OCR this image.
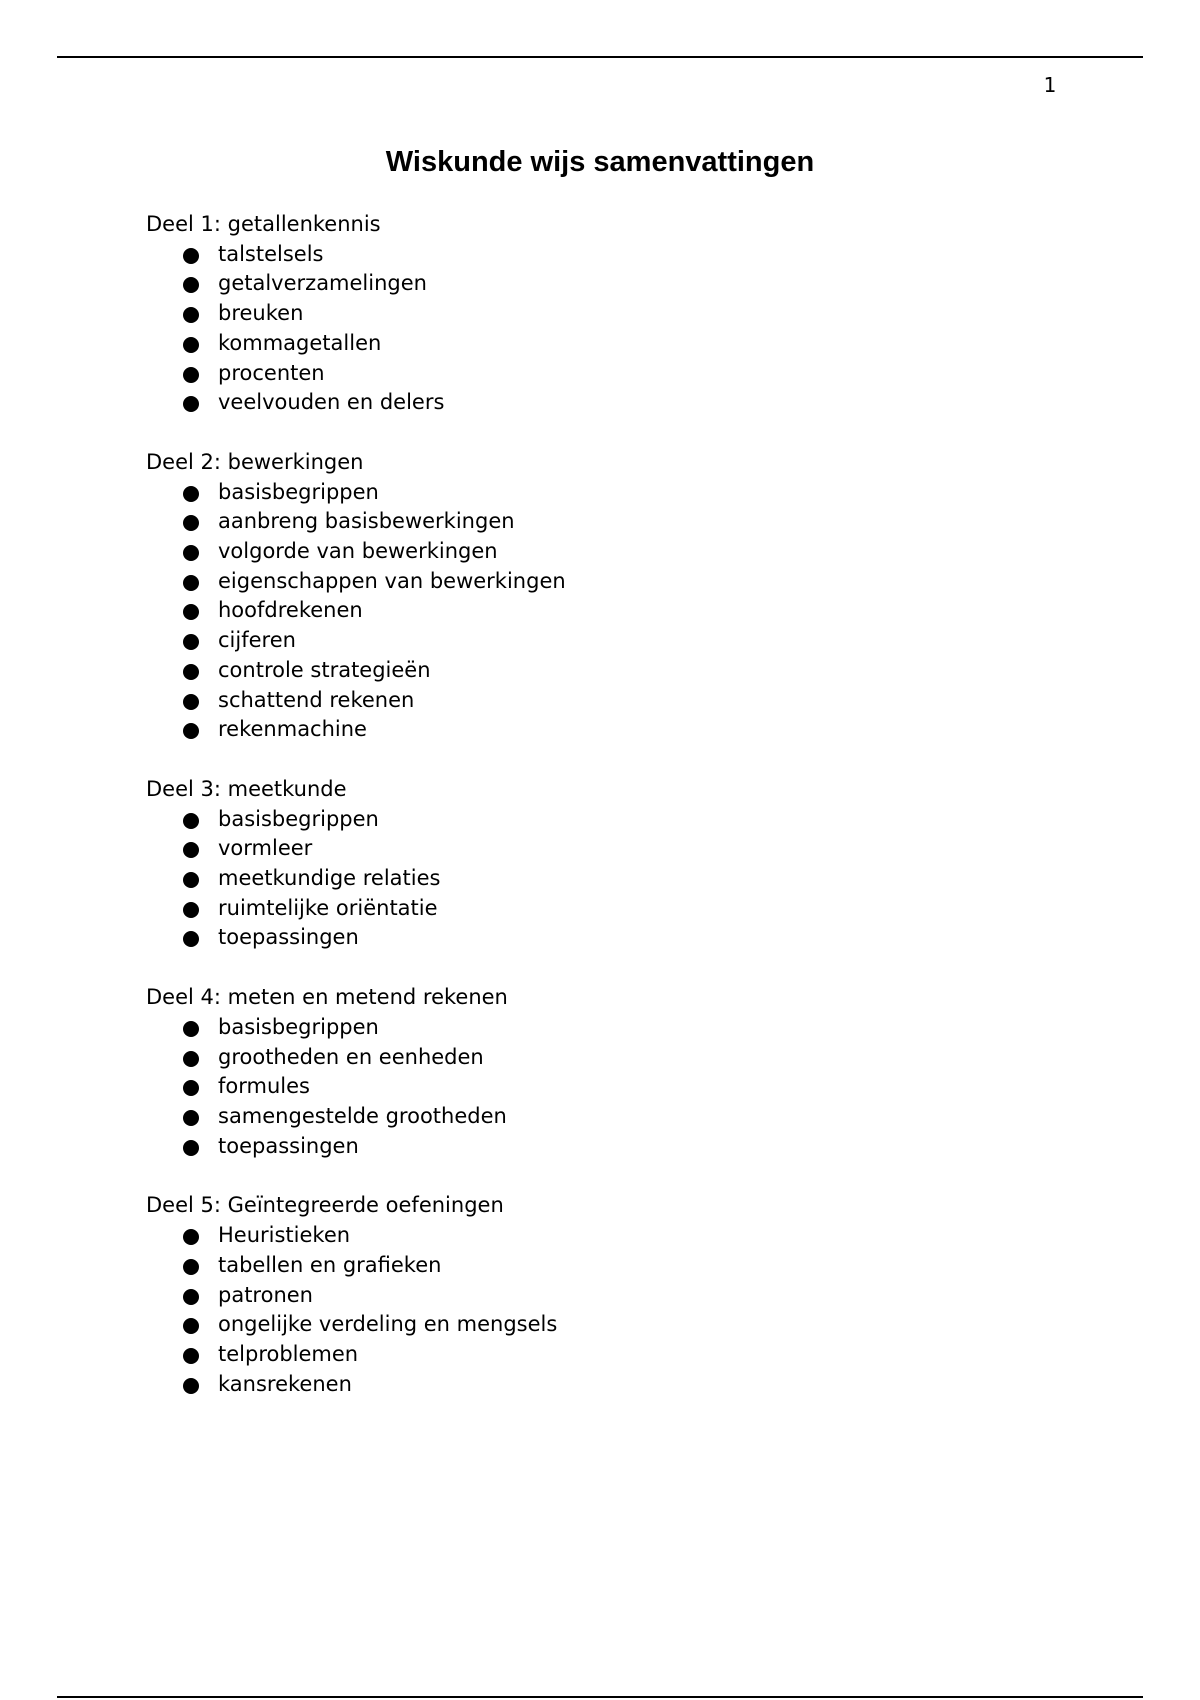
1
Wiskunde wijs samenvattingen
Deel 1: getallenkennis
talstelsels
getalverzamelingen
breuken
kommagetallen
procenten
veelvouden en delers
Deel 2: bewerkingen
basisbegrippen
aanbreng basisbewerkingen
volgorde van bewerkingen
eigenschappen van bewerkingen
hoofdrekenen
cijferen
controle strategieën
schattend rekenen
rekenmachine
Deel 3: meetkunde
basisbegrippen
vormleer
meetkundige relaties
ruimtelijke oriëntatie
toepassingen
Deel 4: meten en metend rekenen
basisbegrippen
grootheden en eenheden
formules
samengestelde grootheden
toepassingen
Deel 5: Geïntegreerde oefeningen
Heuristieken
tabellen en grafieken
patronen
ongelijke verdeling en mengsels
telproblemen
kansrekenen
